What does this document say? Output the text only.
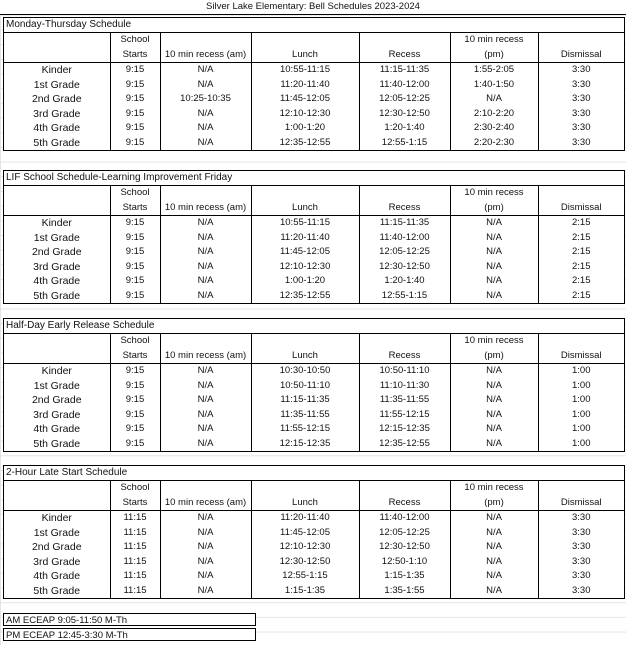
Silver Lake Elementary: Bell Schedules 2023-2024
Monday-Thursday Schedule
	School				10 min recess	
	Starts	10 min recess (am)	Lunch	Recess	(pm)	Dismissal
Kinder	9:15	N/A	10:55-11:15	11:15-11:35	1:55-2:05	3:30
1st Grade	9:15	N/A	11:20-11:40	11:40-12:00	1:40-1:50	3:30
2nd Grade	9:15	10:25-10:35	11:45-12:05	12:05-12:25	N/A	3:30
3rd Grade	9:15	N/A	12:10-12:30	12:30-12:50	2:10-2:20	3:30
4th Grade	9:15	N/A	1:00-1:20	1:20-1:40	2:30-2:40	3:30
5th Grade	9:15	N/A	12:35-12:55	12:55-1:15	2:20-2:30	3:30
LIF School Schedule-Learning Improvement Friday
	School				10 min recess	
	Starts	10 min recess (am)	Lunch	Recess	(pm)	Dismissal
Kinder	9:15	N/A	10:55-11:15	11:15-11:35	N/A	2:15
1st Grade	9:15	N/A	11:20-11:40	11:40-12:00	N/A	2:15
2nd Grade	9:15	N/A	11:45-12:05	12:05-12:25	N/A	2:15
3rd Grade	9:15	N/A	12:10-12:30	12:30-12:50	N/A	2:15
4th Grade	9:15	N/A	1:00-1:20	1:20-1:40	N/A	2:15
5th Grade	9:15	N/A	12:35-12:55	12:55-1:15	N/A	2:15
Half-Day Early Release Schedule
	School				10 min recess	
	Starts	10 min recess (am)	Lunch	Recess	(pm)	Dismissal
Kinder	9:15	N/A	10:30-10:50	10:50-11:10	N/A	1:00
1st Grade	9:15	N/A	10:50-11:10	11:10-11:30	N/A	1:00
2nd Grade	9:15	N/A	11:15-11:35	11:35-11:55	N/A	1:00
3rd Grade	9:15	N/A	11:35-11:55	11:55-12:15	N/A	1:00
4th Grade	9:15	N/A	11:55-12:15	12:15-12:35	N/A	1:00
5th Grade	9:15	N/A	12:15-12:35	12:35-12:55	N/A	1:00
2-Hour Late Start Schedule
	School				10 min recess	
	Starts	10 min recess (am)	Lunch	Recess	(pm)	Dismissal
Kinder	11:15	N/A	11:20-11:40	11:40-12:00	N/A	3:30
1st Grade	11:15	N/A	11:45-12:05	12:05-12:25	N/A	3:30
2nd Grade	11:15	N/A	12:10-12:30	12:30-12:50	N/A	3:30
3rd Grade	11:15	N/A	12:30-12:50	12:50-1:10	N/A	3:30
4th Grade	11:15	N/A	12:55-1:15	1:15-1:35	N/A	3:30
5th Grade	11:15	N/A	1:15-1:35	1:35-1:55	N/A	3:30
AM ECEAP 9:05-11:50 M-Th
PM ECEAP 12:45-3:30 M-Th
